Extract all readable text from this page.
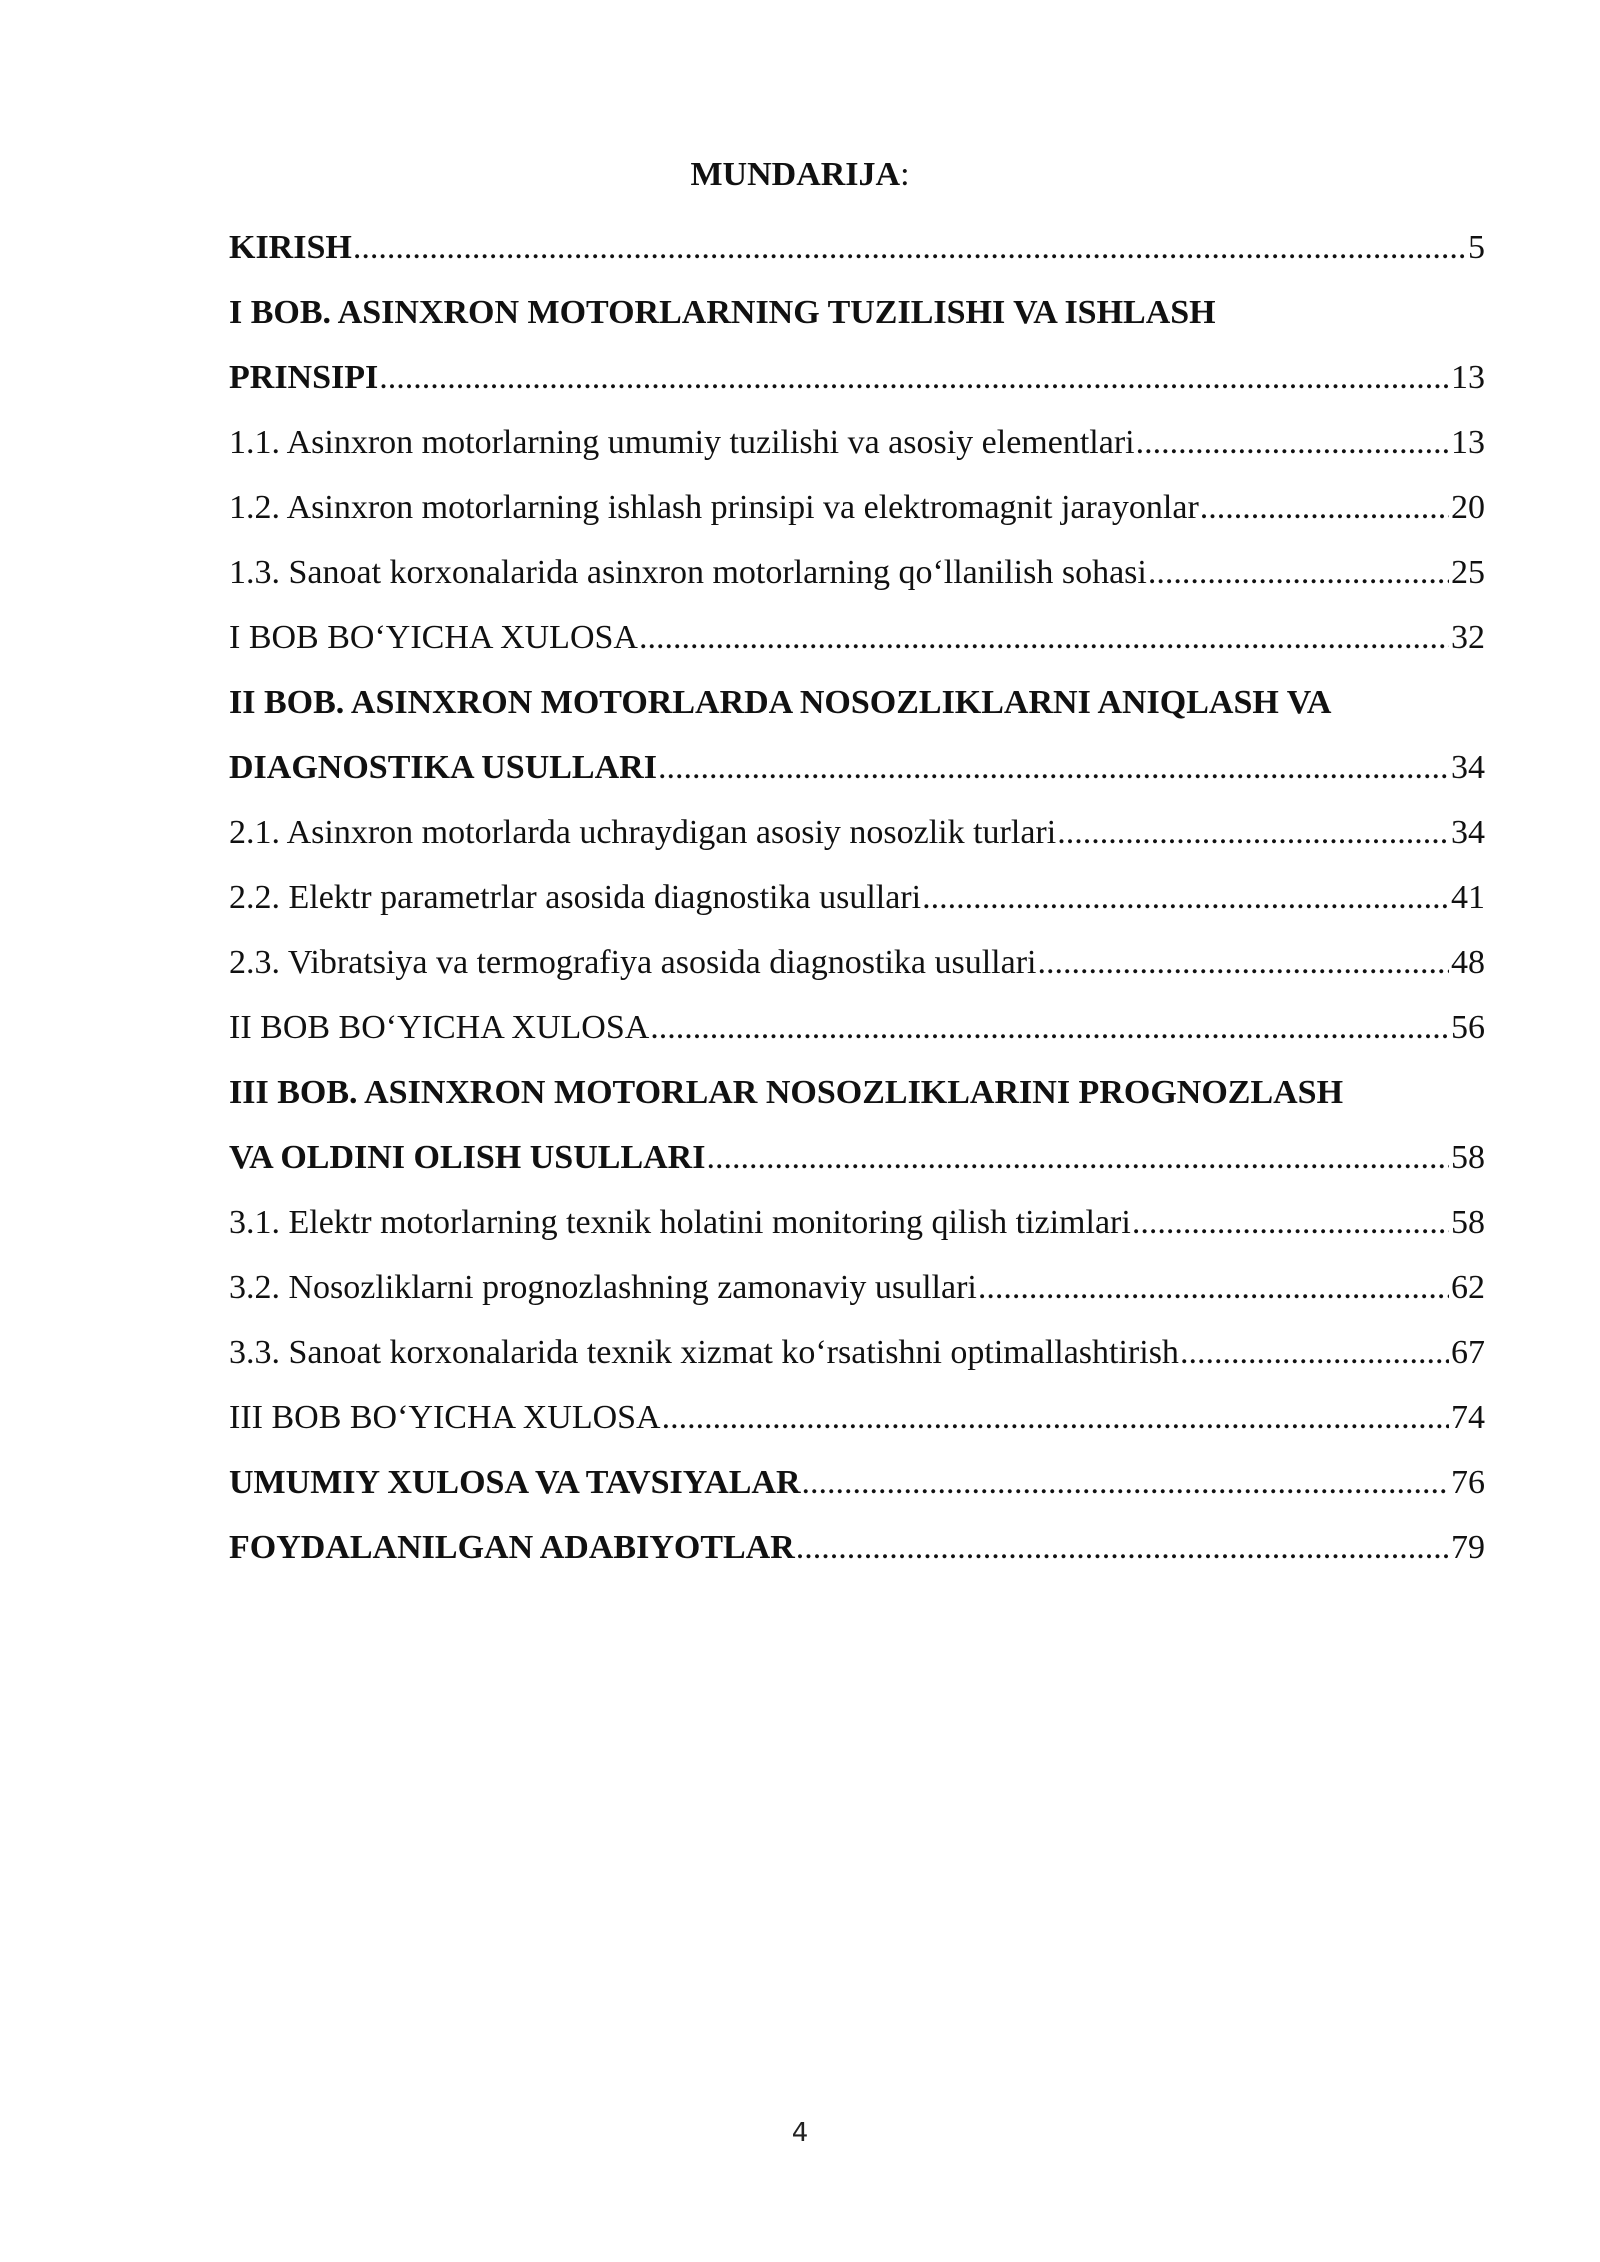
MUNDARIJA:
KIRISH .....	5
I BOB. ASINXRON MOTORLARNING TUZILISHI VA ISHLASH
PRINSIPI .....	13
1.1. Asinxron motorlarning umumiy tuzilishi va asosiy elementlari .....	13
1.2. Asinxron motorlarning ishlash prinsipi va elektromagnit jarayonlar .....	20
1.3. Sanoat korxonalarida asinxron motorlarning qo‘llanilish sohasi .....	25
I BOB BO‘YICHA XULOSA .....	32
II BOB. ASINXRON MOTORLARDA NOSOZLIKLARNI ANIQLASH VA
DIAGNOSTIKA USULLARI .....	34
2.1. Asinxron motorlarda uchraydigan asosiy nosozlik turlari .....	34
2.2. Elektr parametrlar asosida diagnostika usullari .....	41
2.3. Vibratsiya va termografiya asosida diagnostika usullari .....	48
II BOB BO‘YICHA XULOSA .....	56
III BOB. ASINXRON MOTORLAR NOSOZLIKLARINI PROGNOZLASH
VA OLDINI OLISH USULLARI .....	58
3.1. Elektr motorlarning texnik holatini monitoring qilish tizimlari .....	58
3.2. Nosozliklarni prognozlashning zamonaviy usullari .....	62
3.3. Sanoat korxonalarida texnik xizmat ko‘rsatishni optimallashtirish .....	67
III BOB BO‘YICHA XULOSA .....	74
UMUMIY XULOSA VA TAVSIYALAR .....	76
FOYDALANILGAN ADABIYOTLAR .....	79
4
